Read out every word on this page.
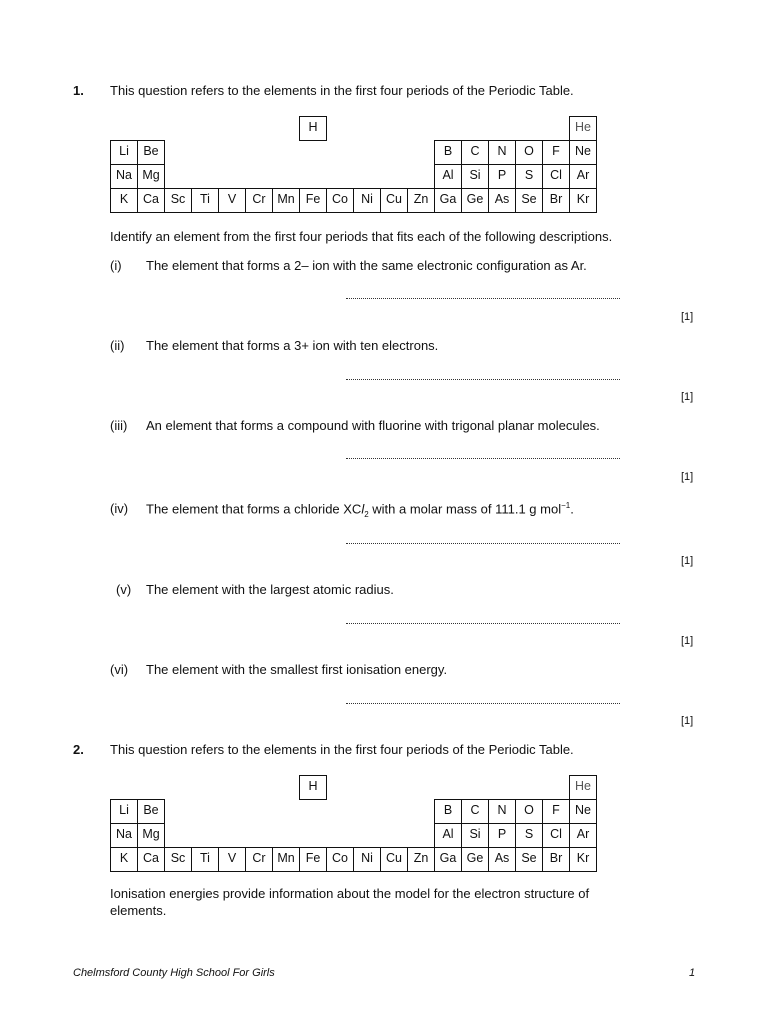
1. This question refers to the elements in the first four periods of the Periodic Table.
H	He
Li	Be	B	C	N	O	F	Ne
Na Mg	Al	Si	P	S	Cl	Ar
K	Ca Sc	Ti	V	Cr Mn Fe Co	Ni	Cu Zn Ga Ge As Se	Br	Kr
Identify an element from the first four periods that fits each of the following descriptions.
(i) The element that forms a 2– ion with the same electronic configuration as Ar.
[1]
(ii) The element that forms a 3+ ion with ten electrons.
[1]
(iii) An element that forms a compound with fluorine with trigonal planar molecules.
[1]
(iv) The element that forms a chloride XCl$_2$ with a molar mass of 111.1 g mol$^{-1}$.
[1]
(v) The element with the largest atomic radius.
[1]
(vi) The element with the smallest first ionisation energy.
[1]
2. This question refers to the elements in the first four periods of the Periodic Table.
H	He
Li	Be	B	C	N	O	F	Ne
Na Mg	Al	Si	P	S	Cl	Ar
K	Ca Sc	Ti	V	Cr Mn Fe Co	Ni	Cu Zn Ga Ge As Se	Br	Kr
Ionisation energies provide information about the model for the electron structure of
elements.
Chelmsford County High School For Girls	1
